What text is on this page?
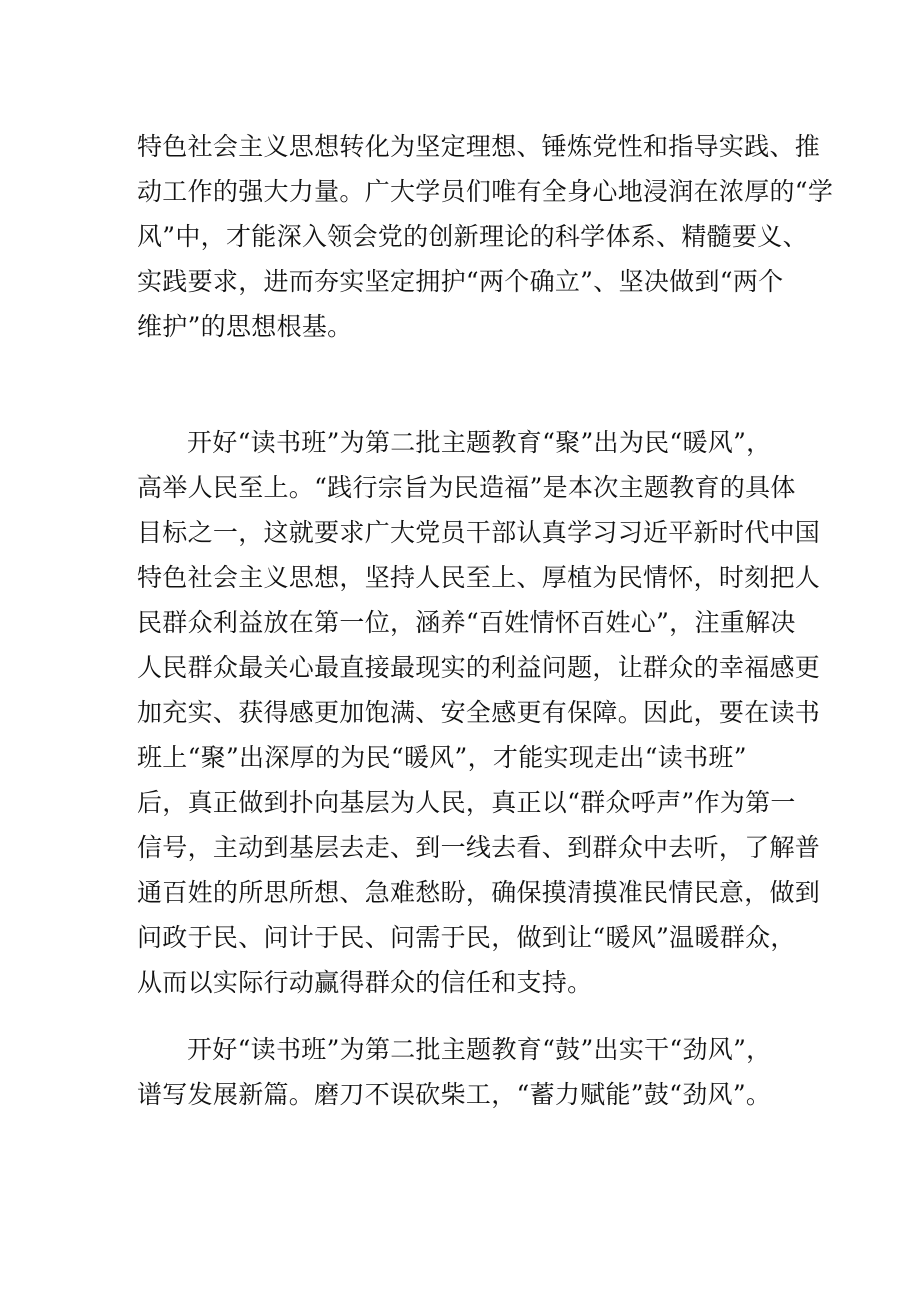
特色社会主义思想转化为坚定理想、锤炼党性和指导实践、推

动工作的强大力量。广大学员们唯有全身心地浸润在浓厚的“学

风”中，才能深入领会党的创新理论的科学体系、精髓要义、

实践要求，进而夯实坚定拥护“两个确立”、坚决做到“两个

维护”的思想根基。

开好“读书班”为第二批主题教育“聚”出为民“暖风”，

高举人民至上。“践行宗旨为民造福”是本次主题教育的具体

目标之一，这就要求广大党员干部认真学习习近平新时代中国

特色社会主义思想，坚持人民至上、厚植为民情怀，时刻把人

民群众利益放在第一位，涵养“百姓情怀百姓心”，注重解决

人民群众最关心最直接最现实的利益问题，让群众的幸福感更

加充实、获得感更加饱满、安全感更有保障。因此，要在读书

班上“聚”出深厚的为民“暖风”，才能实现走出“读书班”

后，真正做到扑向基层为人民，真正以“群众呼声”作为第一

信号，主动到基层去走、到一线去看、到群众中去听，了解普

通百姓的所思所想、急难愁盼，确保摸清摸准民情民意，做到

问政于民、问计于民、问需于民，做到让“暖风”温暖群众，

从而以实际行动赢得群众的信任和支持。

开好“读书班”为第二批主题教育“鼓”出实干“劲风”，

谱写发展新篇。磨刀不误砍柴工，“蓄力赋能”鼓“劲风”。
